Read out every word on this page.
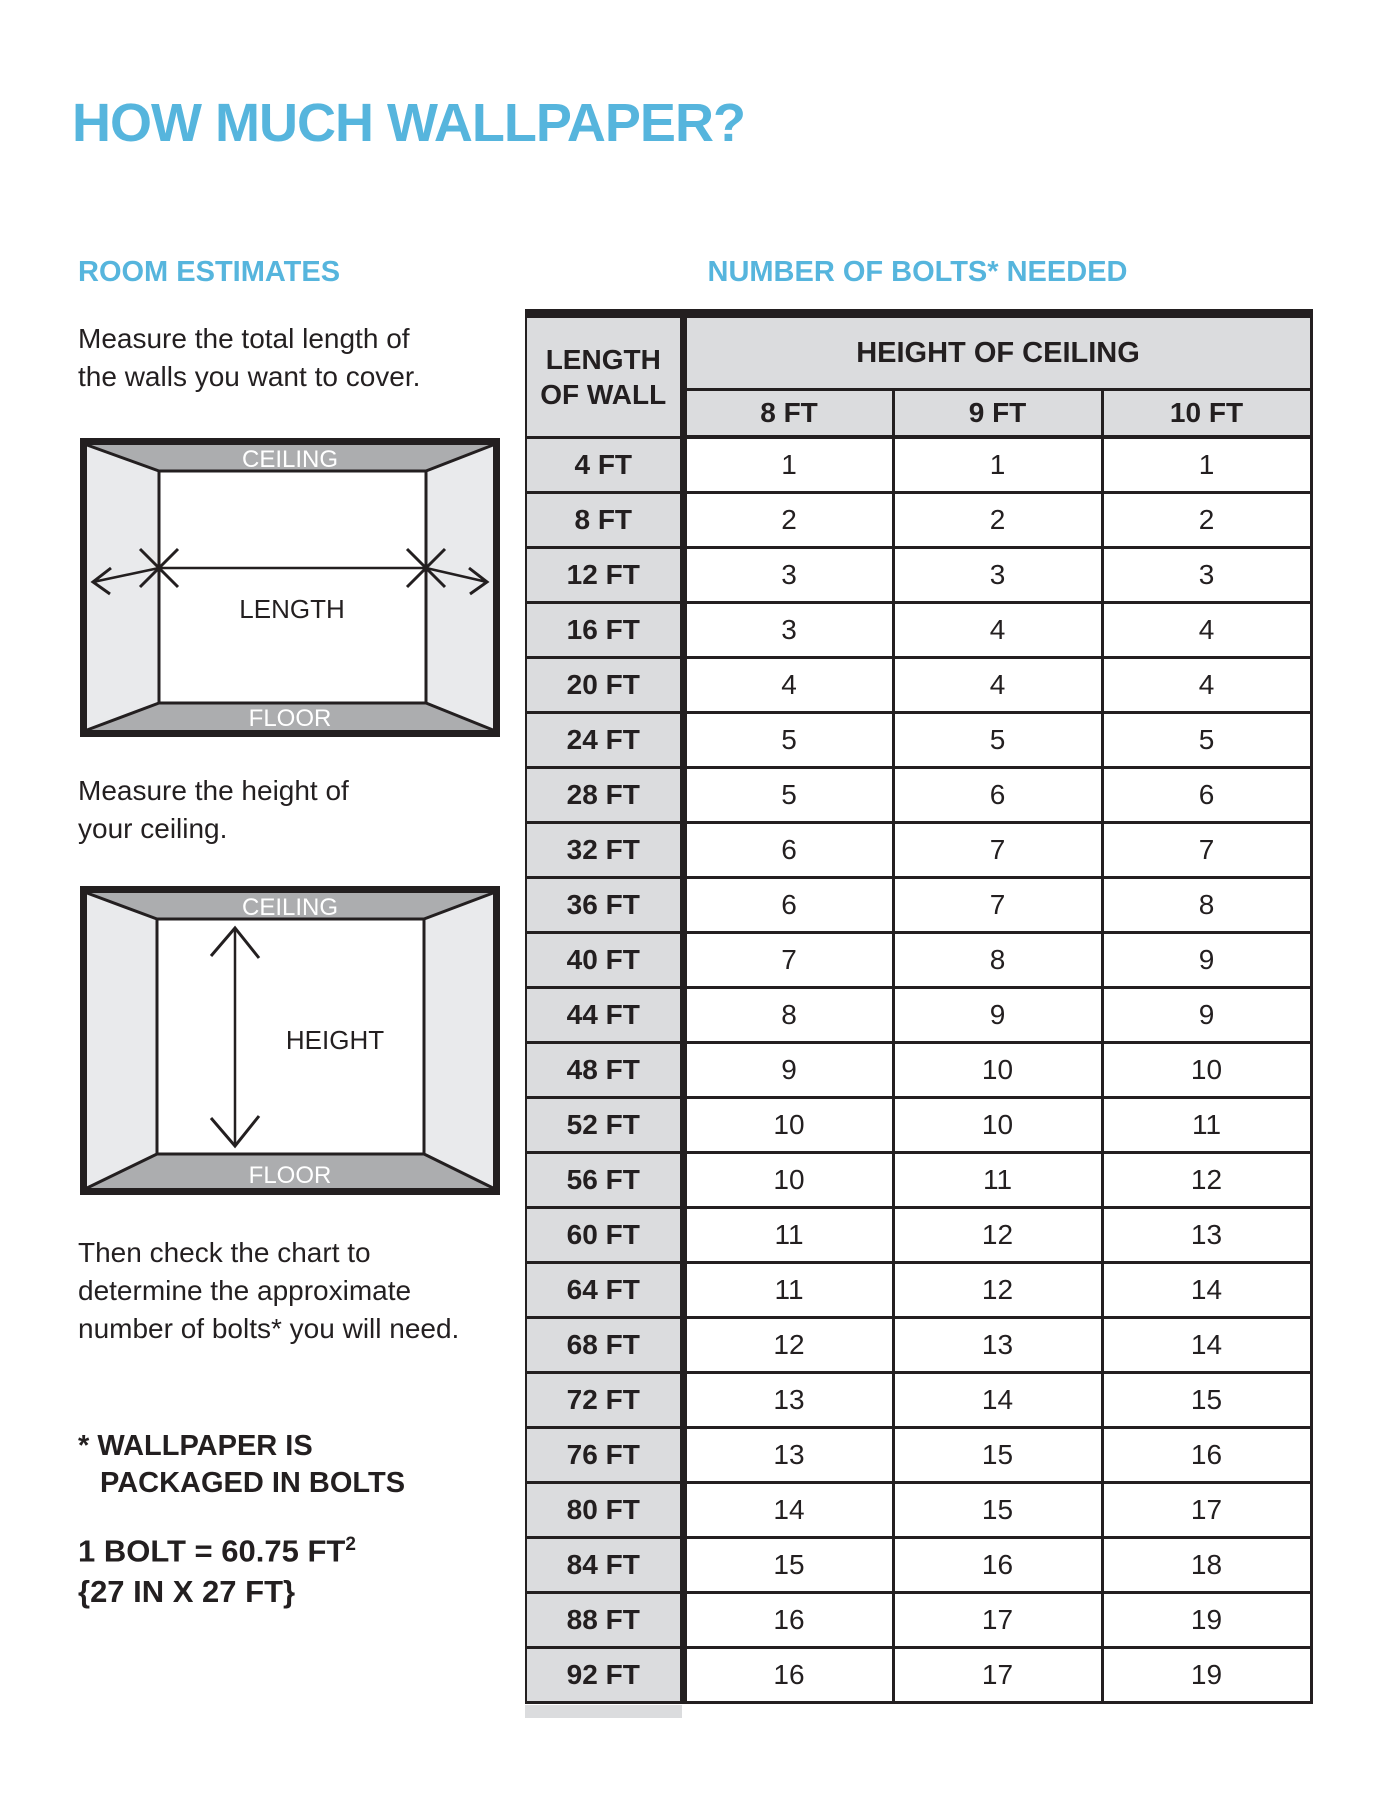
HOW MUCH WALLPAPER?
ROOM ESTIMATES	NUMBER OF BOLTS* NEEDED
Measure the total length of
the walls you want to cover.
CEILING
FLOOR
LENGTH
Measure the height of
your ceiling.
CEILING
FLOOR
HEIGHT
Then check the chart to
determine the approximate
number of bolts* you will need.
* WALLPAPER IS
PACKAGED IN BOLTS
1 BOLT = 60.75 $FT^2$
{27 IN X 27 FT}
LENGTH OF WALL	HEIGHT OF CEILING		
	8 FT	9 FT	10 FT
4 FT	1	1	1
8 FT	2	2	2
12 FT	3	3	3
16 FT	3	4	4
20 FT	4	4	4
24 FT	5	5	5
28 FT	5	6	6
32 FT	6	7	7
36 FT	6	7	8
40 FT	7	8	9
44 FT	8	9	9
48 FT	9	10	10
52 FT	10	10	11
56 FT	10	11	12
60 FT	11	12	13
64 FT	11	12	14
68 FT	12	13	14
72 FT	13	14	15
76 FT	13	15	16
80 FT	14	15	17
84 FT	15	16	18
88 FT	16	17	19
92 FT	16	17	19
